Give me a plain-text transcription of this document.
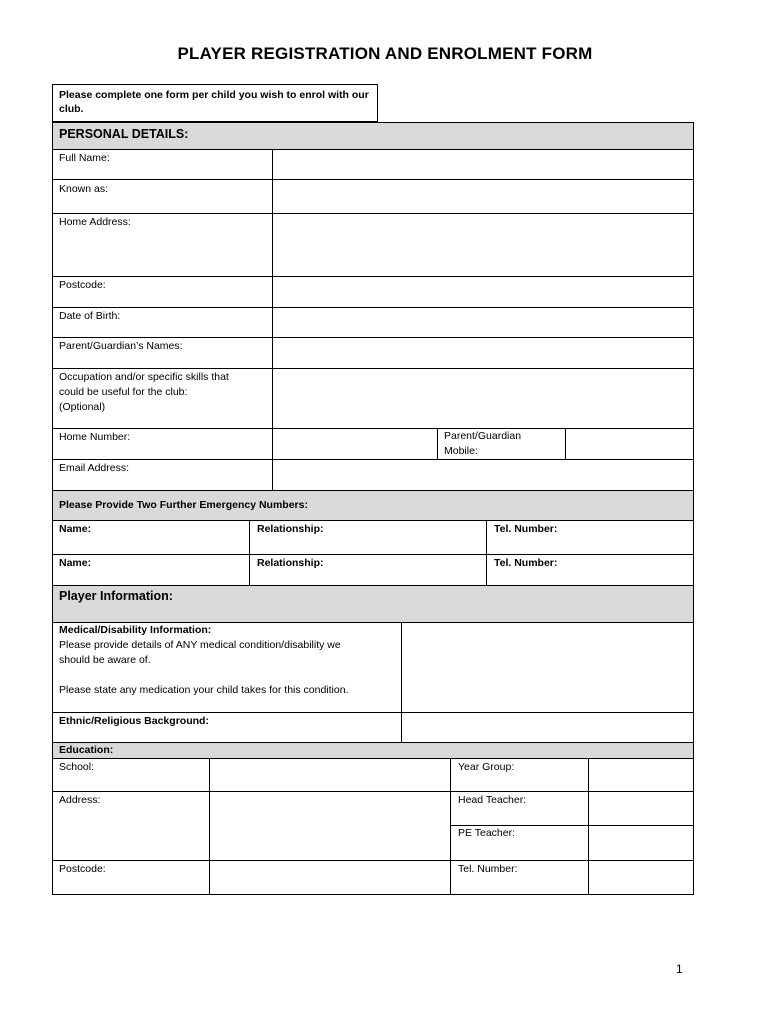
PLAYER REGISTRATION AND ENROLMENT FORM
Please complete one form per child you wish to enrol with our club.
PERSONAL DETAILS:
Full Name:
Known as:
Home Address:
Postcode:
Date of Birth:
Parent/Guardian’s Names:
Occupation and/or specific skills that
could be useful for the club:
(Optional)
Home Number:	Parent/Guardian
Mobile:
Email Address:
Please Provide Two Further Emergency Numbers:
Name:	Relationship:	Tel. Number:
Name:	Relationship:	Tel. Number:
Player Information:
Medical/Disability Information:
Please provide details of ANY medical condition/disability we
should be aware of.
Please state any medication your child takes for this condition.
Ethnic/Religious Background:
Education:
School:	Year Group:
Address:	Head Teacher:
PE Teacher:
Postcode:	Tel. Number:
1
